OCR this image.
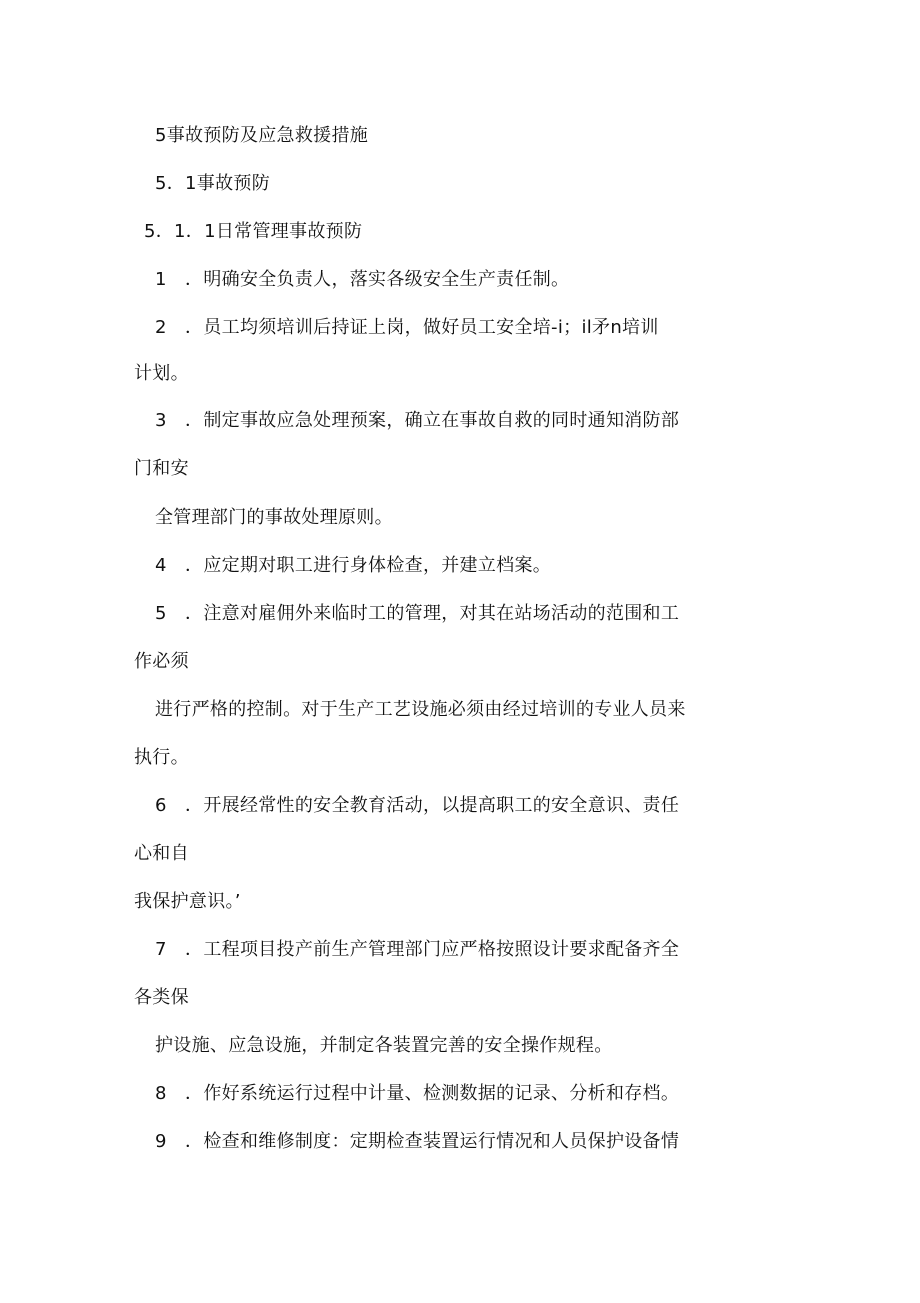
5事故预防及应急救援措施
5．1事故预防
5．1．1日常管理事故预防
1　．明确安全负责人，落实各级安全生产责任制。
2　．员工均须培训后持证上岗，做好员工安全培-i；il矛n培训
计划。
3　．制定事故应急处理预案，确立在事故自救的同时通知消防部
门和安
全管理部门的事故处理原则。
4　．应定期对职工进行身体检查，并建立档案。
5　．注意对雇佣外来临时工的管理，对其在站场活动的范围和工
作必须
进行严格的控制。对于生产工艺设施必须由经过培训的专业人员来
执行。
6　．开展经常性的安全教育活动，以提高职工的安全意识、责任
心和自
我保护意识。’
7　．工程项目投产前生产管理部门应严格按照设计要求配备齐全
各类保
护设施、应急设施，并制定各装置完善的安全操作规程。
8　．作好系统运行过程中计量、检测数据的记录、分析和存档。
9　．检查和维修制度：定期检查装置运行情况和人员保护设备情
